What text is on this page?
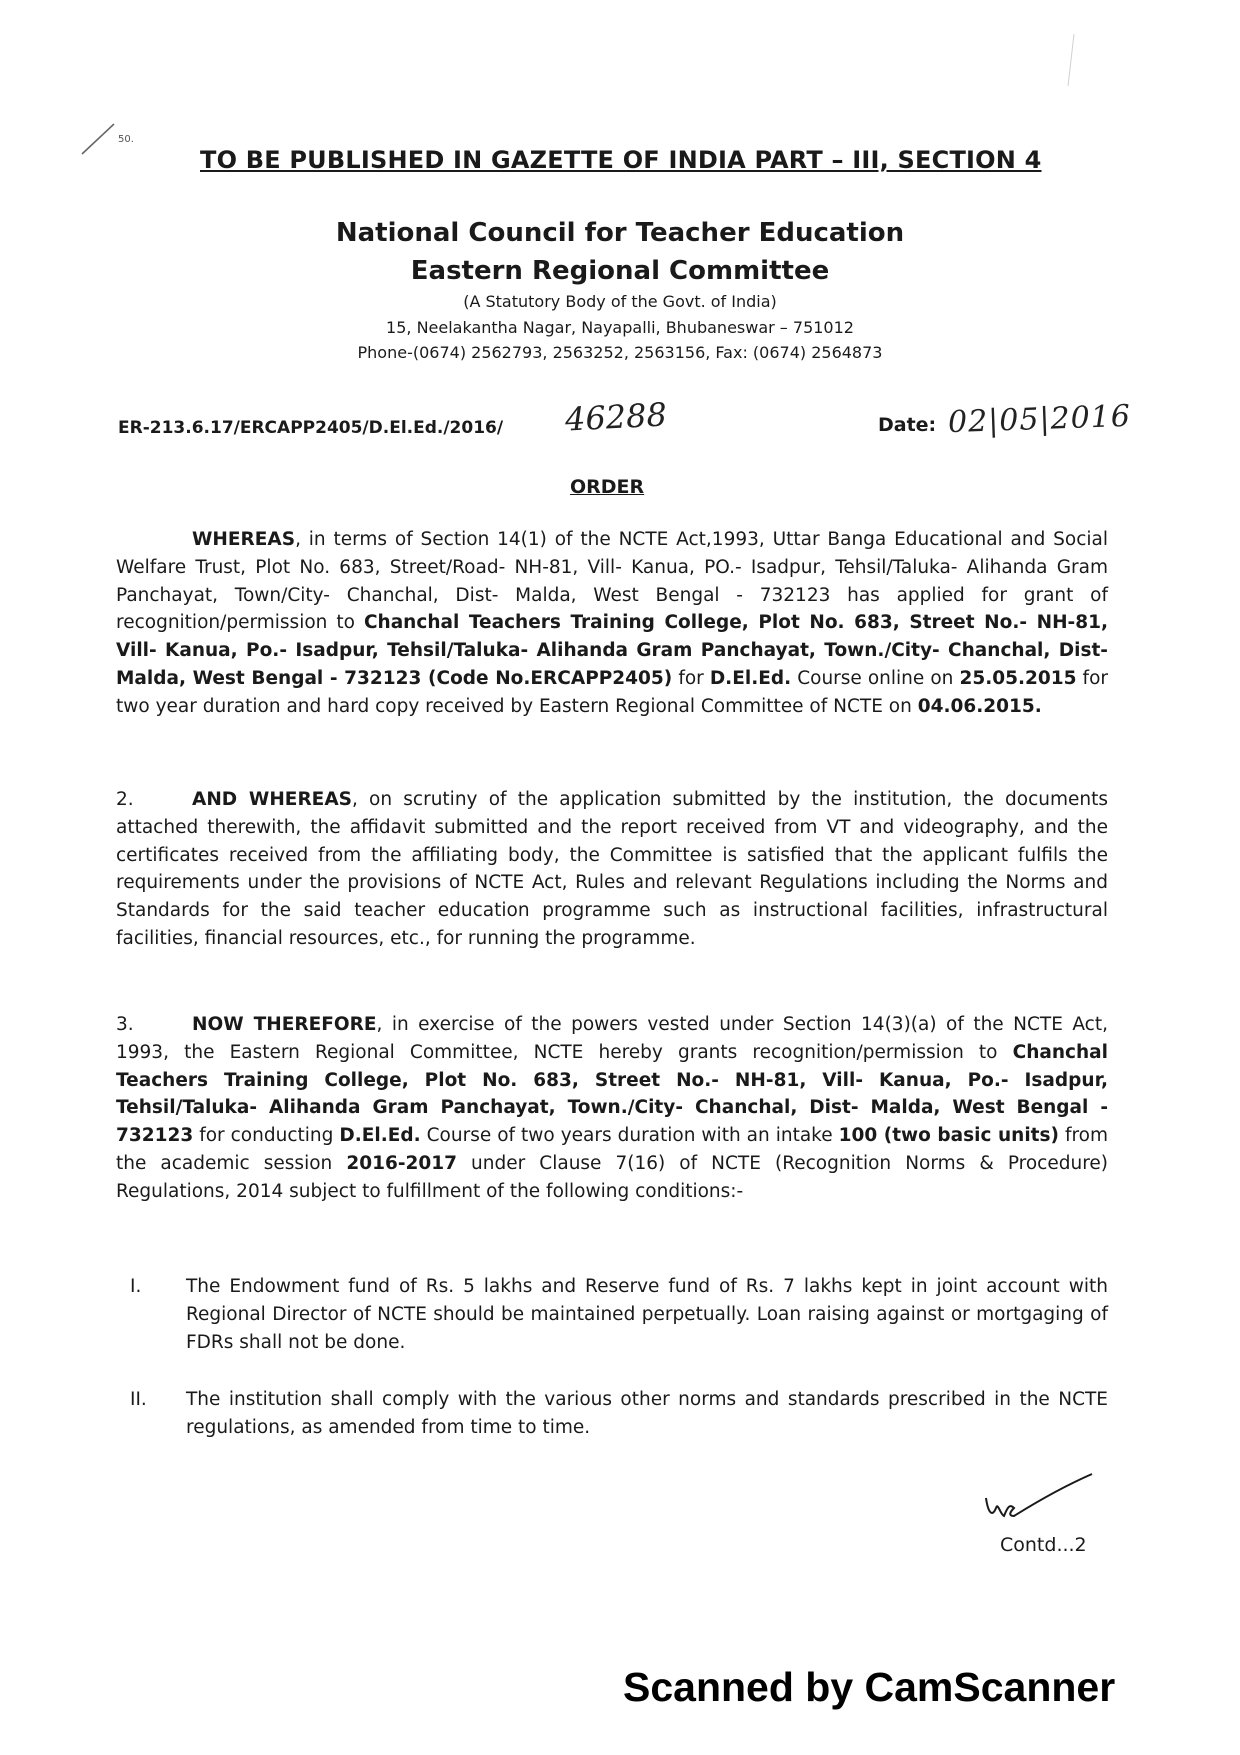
50.
TO BE PUBLISHED IN GAZETTE OF INDIA PART – III, SECTION 4
National Council for Teacher Education
Eastern Regional Committee
(A Statutory Body of the Govt. of India)
15, Neelakantha Nagar, Nayapalli, Bhubaneswar – 751012
Phone-(0674) 2562793, 2563252, 2563156, Fax: (0674) 2564873
ER-213.6.17/ERCAPP2405/D.El.Ed./2016/ 46288	Date: 02|05|2016
ORDER
WHEREAS, in terms of Section 14(1) of the NCTE Act,1993, Uttar Banga Educational and Social Welfare Trust, Plot No. 683, Street/Road- NH-81, Vill- Kanua, PO.- Isadpur, Tehsil/Taluka- Alihanda Gram Panchayat, Town/City- Chanchal, Dist- Malda, West Bengal - 732123 has applied for grant of recognition/permission to Chanchal Teachers Training College, Plot No. 683, Street No.- NH-81, Vill- Kanua, Po.- Isadpur, Tehsil/Taluka- Alihanda Gram Panchayat, Town./City- Chanchal, Dist- Malda, West Bengal - 732123 (Code No.ERCAPP2405) for D.El.Ed. Course online on 25.05.2015 for two year duration and hard copy received by Eastern Regional Committee of NCTE on 04.06.2015.
2.	AND WHEREAS, on scrutiny of the application submitted by the institution, the documents attached therewith, the affidavit submitted and the report received from VT and videography, and the certificates received from the affiliating body, the Committee is satisfied that the applicant fulfils the requirements under the provisions of NCTE Act, Rules and relevant Regulations including the Norms and Standards for the said teacher education programme such as instructional facilities, infrastructural facilities, financial resources, etc., for running the programme.
3.	NOW THEREFORE, in exercise of the powers vested under Section 14(3)(a) of the NCTE Act, 1993, the Eastern Regional Committee, NCTE hereby grants recognition/permission to Chanchal Teachers Training College, Plot No. 683, Street No.- NH-81, Vill- Kanua, Po.- Isadpur, Tehsil/Taluka- Alihanda Gram Panchayat, Town./City- Chanchal, Dist- Malda, West Bengal - 732123 for conducting D.El.Ed. Course of two years duration with an intake 100 (two basic units) from the academic session 2016-2017 under Clause 7(16) of NCTE (Recognition Norms & Procedure) Regulations, 2014 subject to fulfillment of the following conditions:-
I. The Endowment fund of Rs. 5 lakhs and Reserve fund of Rs. 7 lakhs kept in joint account with Regional Director of NCTE should be maintained perpetually. Loan raising against or mortgaging of FDRs shall not be done.
II. The institution shall comply with the various other norms and standards prescribed in the NCTE regulations, as amended from time to time.
Contd...2
Scanned by CamScanner
